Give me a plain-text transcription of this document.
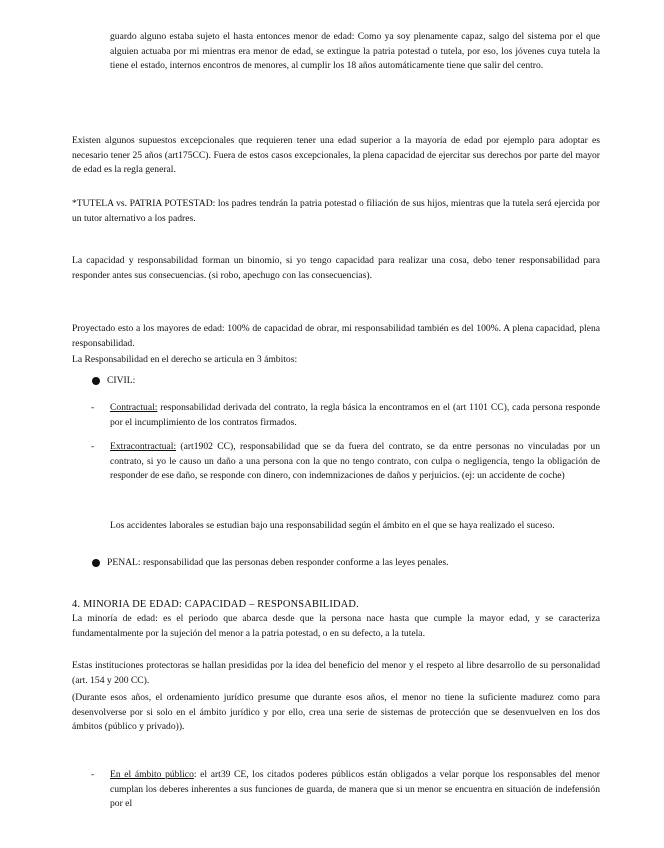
guardo alguno estaba sujeto el hasta entonces menor de edad: Como ya soy plenamente capaz, salgo del sistema por el que alguien actuaba por mi mientras era menor de edad, se extingue la patria potestad o tutela, por eso, los jóvenes cuya tutela la tiene el estado, internos encontros de menores, al cumplir los 18 años automáticamente tiene que salir del centro.

Existen algunos supuestos excepcionales que requieren tener una edad superior a la mayoría de edad por ejemplo para adoptar es necesario tener 25 años (art175CC). Fuera de estos casos excepcionales, la plena capacidad de ejercitar sus derechos por parte del mayor de edad es la regla general.

*TUTELA vs. PATRIA POTESTAD: los padres tendrán la patria potestad o filiación de sus hijos, mientras que la tutela será ejercida por un tutor alternativo a los padres.

La capacidad y responsabilidad forman un binomio, si yo tengo capacidad para realizar una cosa, debo tener responsabilidad para responder antes sus consecuencias. (si robo, apechugo con las consecuencias).

Proyectado esto a los mayores de edad: 100% de capacidad de obrar, mi responsabilidad también es del 100%. A plena capacidad, plena responsabilidad.

La Responsabilidad en el derecho se articula en 3 ámbitos:

CIVIL:

- Contractual: responsabilidad derivada del contrato, la regla básica la encontramos en el (art 1101 CC), cada persona responde por el incumplimiento de los contratos firmados.
- Extracontractual: (art1902 CC), responsabilidad que se da fuera del contrato, se da entre personas no vinculadas por un contrato, si yo le causo un daño a una persona con la que no tengo contrato, con culpa o negligencia, tengo la obligación de responder de ese daño, se responde con dinero, con indemnizaciones de daños y perjuicios. (ej: un accidente de coche)

Los accidentes laborales se estudian bajo una responsabilidad según el ámbito en el que se haya realizado el suceso.

PENAL: responsabilidad que las personas deben responder conforme a las leyes penales.

4. MINORIA DE EDAD: CAPACIDAD – RESPONSABILIDAD.

La minoría de edad: es el periodo que abarca desde que la persona nace hasta que cumple la mayor edad, y se caracteriza fundamentalmente por la sujeción del menor a la patria potestad, o en su defecto, a la tutela.

Estas instituciones protectoras se hallan presididas por la idea del beneficio del menor y el respeto al libre desarrollo de su personalidad (art. 154 y 200 CC).

(Durante esos años, el ordenamiento jurídico presume que durante esos años, el menor no tiene la suficiente madurez como para desenvolverse por si solo en el ámbito jurídico y por ello, crea una serie de sistemas de protección que se desenvuelven en los dos ámbitos (público y privado)).

- En el ámbito público: el art39 CE, los citados poderes públicos están obligados a velar porque los responsables del menor cumplan los deberes inherentes a sus funciones de guarda, de manera que si un menor se encuentra en situación de indefensión por el
